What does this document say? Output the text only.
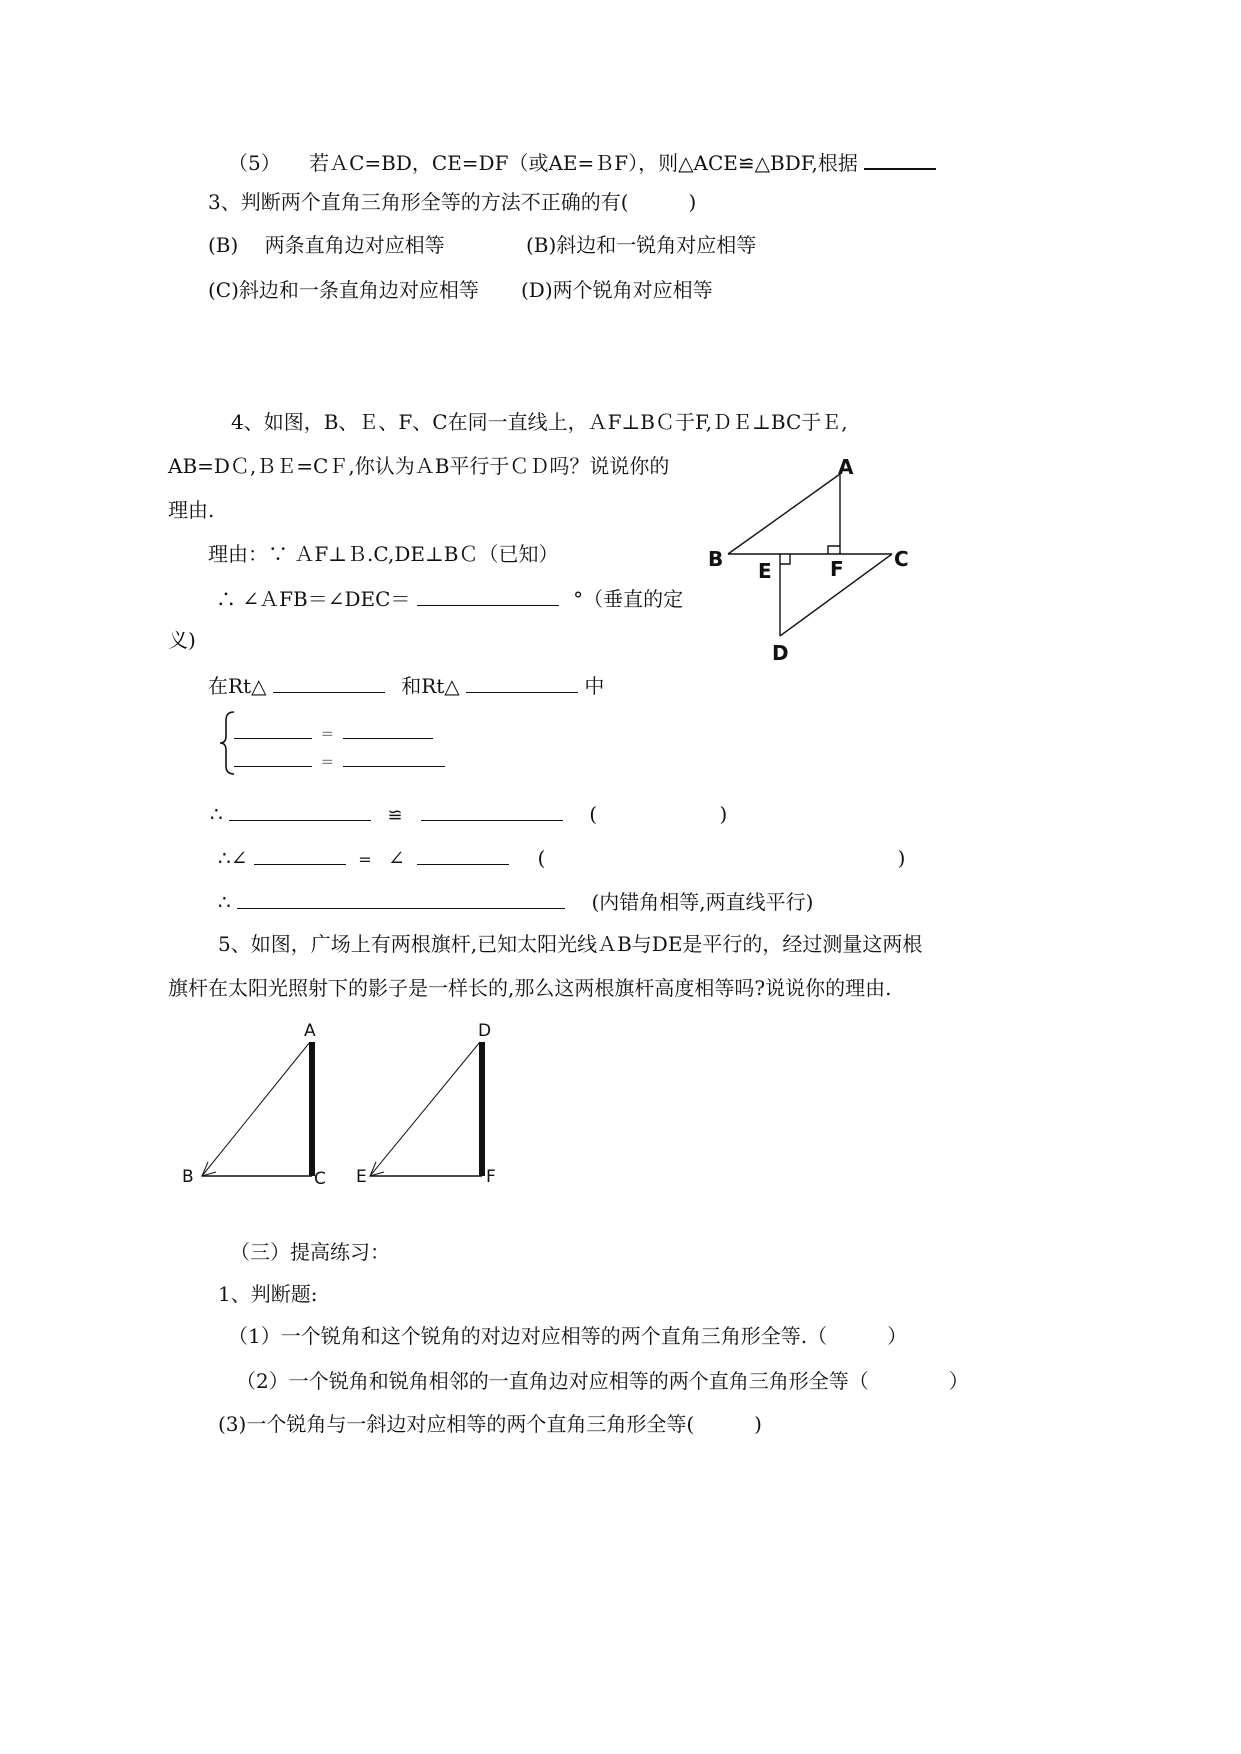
（5） 若ＡC=BD，CE=DF（或AE=ＢF），则△ACE≌△BDF,根据
3、判断两个直角三角形全等的方法不正确的有(　　　)
(B)　 两条直角边对应相等	(B)斜边和一锐角对应相等
(C)斜边和一条直角边对应相等 (D)两个锐角对应相等
4、如图，B、Ｅ、F、C在同一直线上，ＡF⊥BＣ于F,ＤＥ⊥BC于Ｅ,
AB=DＣ,ＢＥ=CＦ,你认为ＡB平行于ＣＤ吗？说说你的
理由.
理由：∵ ＡF⊥Ｂ.C,DE⊥BＣ（已知）
∴ ∠ＡFB＝∠DEC＝	°（垂直的定
义)
在Rt△	和Rt△	中
＝
＝
∴	≌	(	)
∴∠	= ∠	(	)
∴	(内错角相等,两直线平行)
A
B	C
D
E	F
5、如图，广场上有两根旗杆,已知太阳光线ＡB与DE是平行的，经过测量这两根
旗杆在太阳光照射下的影子是一样长的,那么这两根旗杆高度相等吗?说说你的理由.
A
B	C
D
E	F
（三）提高练习：
1、判断题:
（1）一个锐角和这个锐角的对边对应相等的两个直角三角形全等.（　　　）
（2）一个锐角和锐角相邻的一直角边对应相等的两个直角三角形全等（　　　　）
(3)一个锐角与一斜边对应相等的两个直角三角形全等(　　　)
